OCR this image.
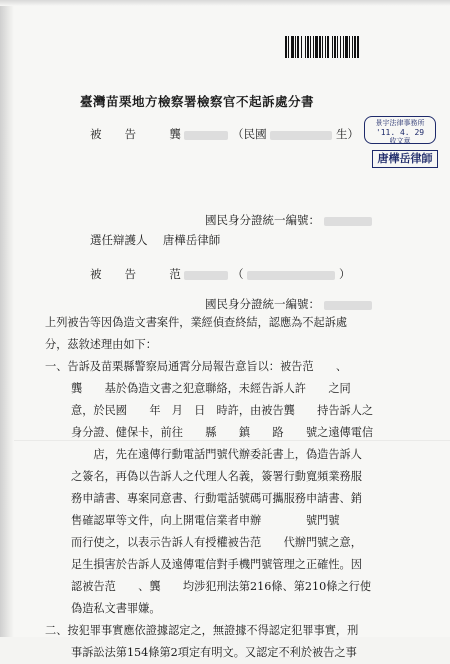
臺灣苗栗地方檢察署檢察官不起訴處分書
景宇法律事務所
'11. 4. 29
收文章
唐樺岳律師
被　　告	龔	（民國	生）
國民身分證統一編號：
選任辯護人 唐樺岳律師
被　　告	范	（	）
國民身分證統一編號：
上列被告等因偽造文書案件，業經偵查終結，認應為不起訴處
分，茲敘述理由如下：
一、告訴及苗栗縣警察局通霄分局報告意旨以：被告范　　、
龔　　基於偽造文書之犯意聯絡，未經告訴人許　　之同
意，於民國　　年　月　日　時許，由被告龔　　持告訴人之
身分證、健保卡，前往　　縣　　鎮　　路　　號之遠傳電信
　　店，先在遠傳行動電話門號代辦委託書上，偽造告訴人
之簽名，再偽以告訴人之代理人名義，簽署行動寬頻業務服
務申請書、專案同意書、行動電話號碼可攜服務申請書、銷
售確認單等文件，向上開電信業者申辦　　　　號門號
而行使之，以表示告訴人有授權被告范　　代辦門號之意，
足生損害於告訴人及遠傳電信對手機門號管理之正確性。因
認被告范　　、龔　　均涉犯刑法第216條、第210條之行使
偽造私文書罪嫌。
二、按犯罪事實應依證據認定之，無證據不得認定犯罪事實，刑
事訴訟法第154條第2項定有明文。又認定不利於被告之事
